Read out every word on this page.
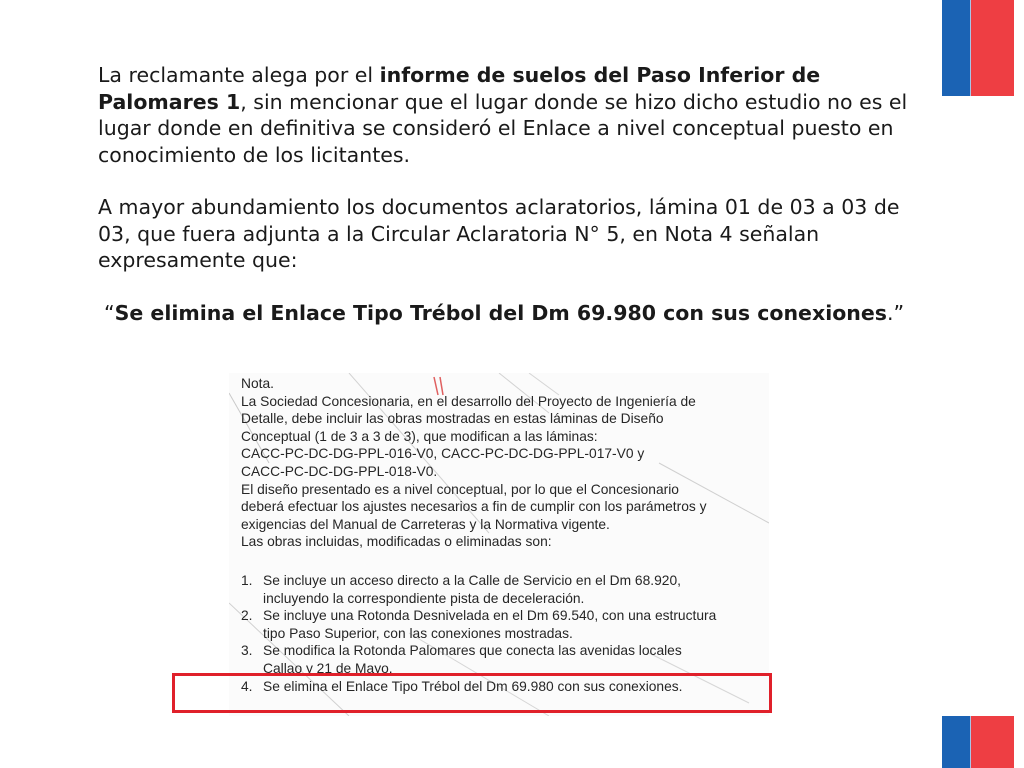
La reclamante alega por el informe de suelos del Paso Inferior de Palomares 1, sin mencionar que el lugar donde se hizo dicho estudio no es el lugar donde en definitiva se consideró el Enlace a nivel conceptual puesto en conocimiento de los licitantes.

A mayor abundamiento los documentos aclaratorios, lámina 01 de 03 a 03 de 03, que fuera adjunta a la Circular Aclaratoria N° 5, en Nota 4 señalan expresamente que:

“Se elimina el Enlace Tipo Trébol del Dm 69.980 con sus conexiones.”

Nota.

La Sociedad Concesionaria, en el desarrollo del Proyecto de Ingeniería de

Detalle, debe incluir las obras mostradas en estas láminas de Diseño

Conceptual (1 de 3 a 3 de 3), que modifican a las láminas:

CACC-PC-DC-DG-PPL-016-V0, CACC-PC-DC-DG-PPL-017-V0 y

CACC-PC-DC-DG-PPL-018-V0.

El diseño presentado es a nivel conceptual, por lo que el Concesionario

deberá efectuar los ajustes necesarios a fin de cumplir con los parámetros y

exigencias del Manual de Carreteras y la Normativa vigente.

Las obras incluidas, modificadas o eliminadas son:

1. Se incluye un acceso directo a la Calle de Servicio en el Dm 68.920,
incluyendo la correspondiente pista de deceleración.
2. Se incluye una Rotonda Desnivelada en el Dm 69.540, con una estructura
tipo Paso Superior, con las conexiones mostradas.
3. Se modifica la Rotonda Palomares que conecta las avenidas locales
Callao y 21 de Mayo.
4. Se elimina el Enlace Tipo Trébol del Dm 69.980 con sus conexiones.
